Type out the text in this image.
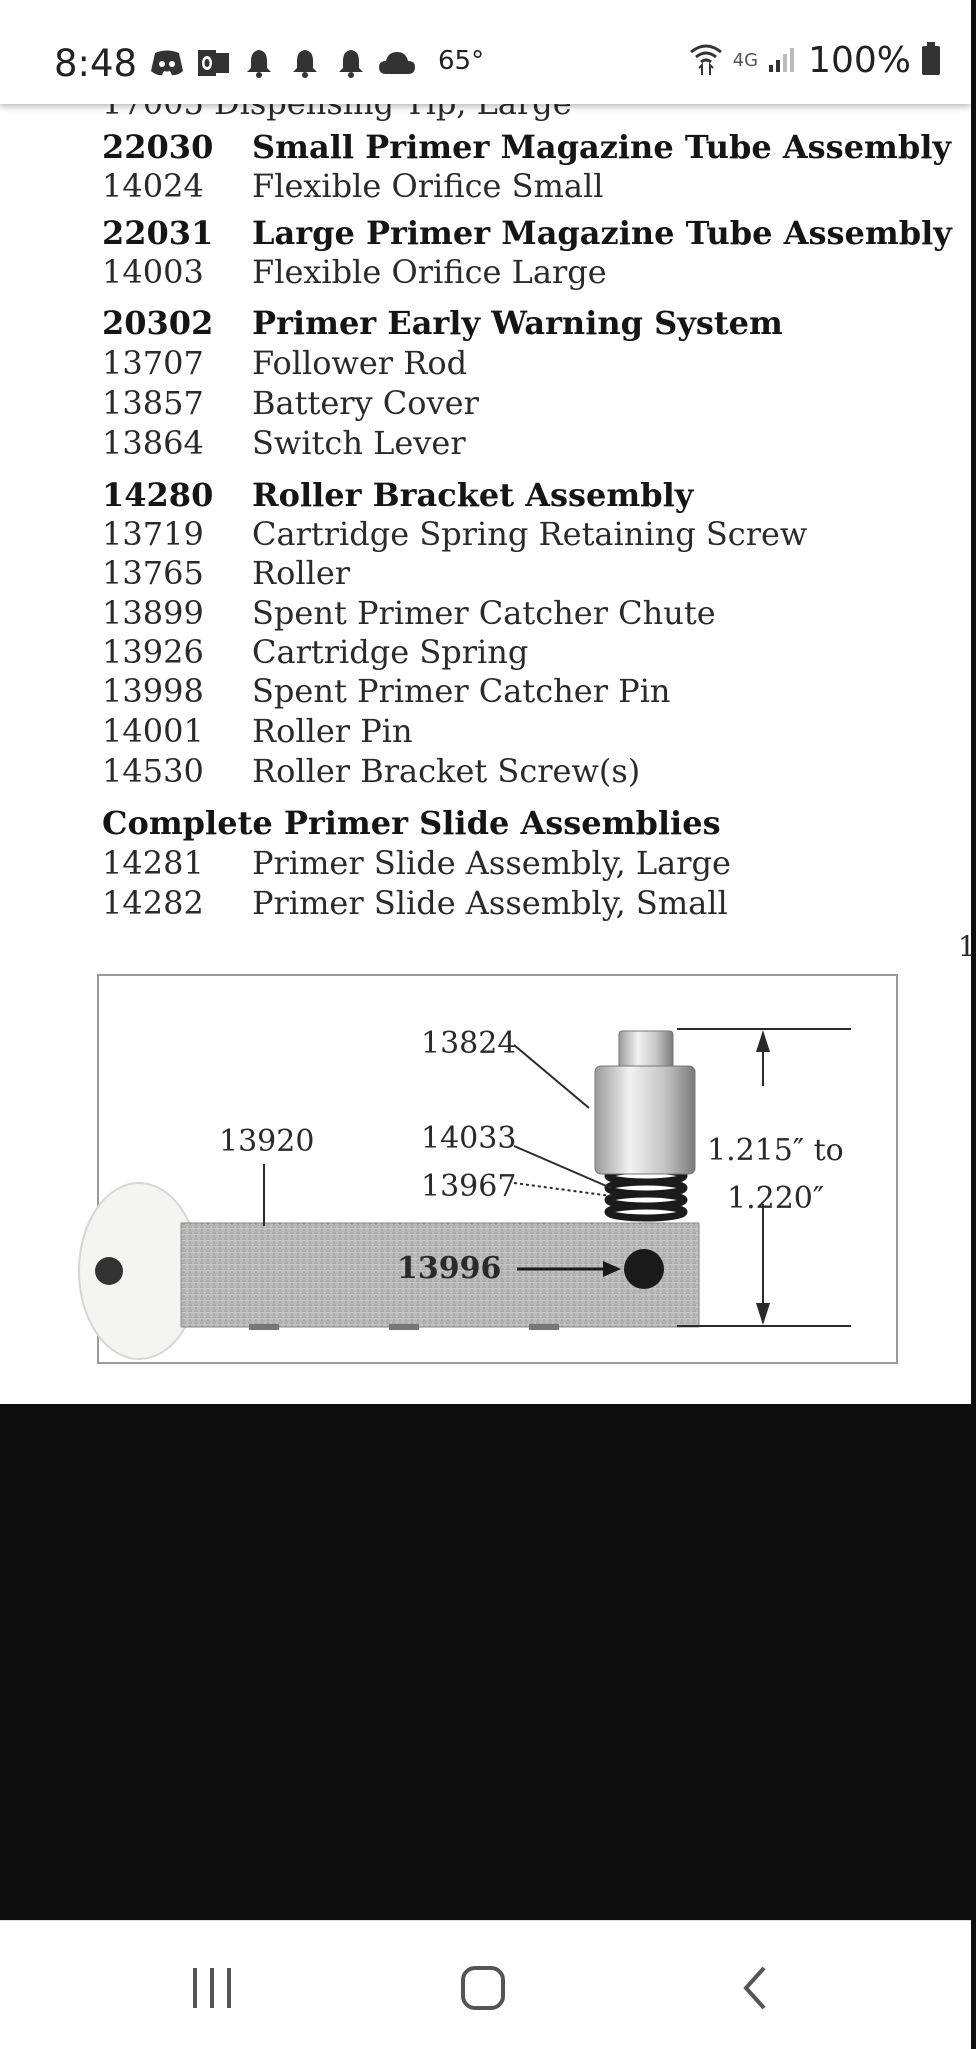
8:48	65°	4G 100%
22030 Small Primer Magazine Tube Assembly
14024 Flexible Orifice Small
22031 Large Primer Magazine Tube Assembly
14003 Flexible Orifice Large
20302 Primer Early Warning System
13707 Follower Rod
13857 Battery Cover
13864 Switch Lever
14280 Roller Bracket Assembly
13719 Cartridge Spring Retaining Screw
13765 Roller
13899 Spent Primer Catcher Chute
13926 Cartridge Spring
13998 Spent Primer Catcher Pin
14001 Roller Pin
14530 Roller Bracket Screw(s)
Complete Primer Slide Assemblies
14281 Primer Slide Assembly, Large
14282 Primer Slide Assembly, Small
1
13824
13920	14033
13967
13996
1.215″ to
1.220″
